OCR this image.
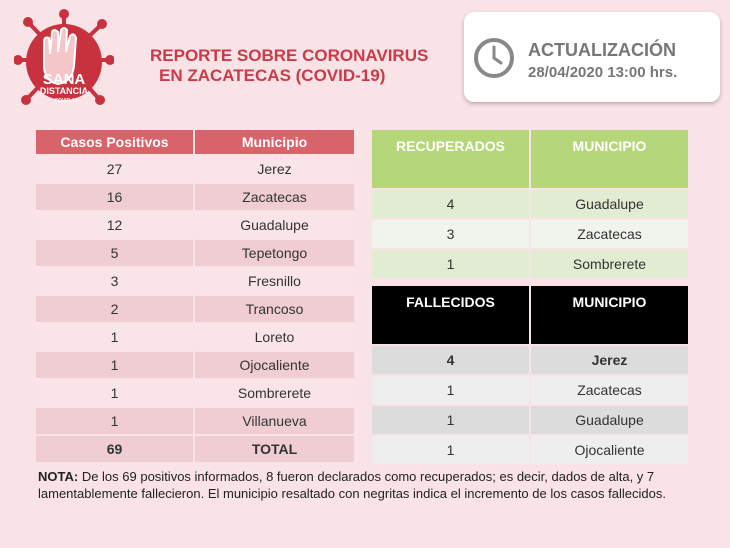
SANA
DISTANCIA
COVID-19
REPORTE SOBRE CORONAVIRUS
EN ZACATECAS (COVID-19)
ACTUALIZACIÓN
28/04/2020 13:00 hrs.
Casos Positivos	Municipio
27	Jerez
16	Zacatecas
12	Guadalupe
5	Tepetongo
3	Fresnillo
2	Trancoso
1	Loreto
1	Ojocaliente
1	Sombrerete
1	Villanueva
69	TOTAL
RECUPERADOS	MUNICIPIO
4	Guadalupe
3	Zacatecas
1	Sombrerete
FALLECIDOS	MUNICIPIO
4	Jerez
1	Zacatecas
1	Guadalupe
1	Ojocaliente
NOTA: De los 69 positivos informados, 8 fueron declarados como recuperados; es decir, dados de alta, y 7 lamentablemente fallecieron. El municipio resaltado con negritas indica el incremento de los casos fallecidos.
